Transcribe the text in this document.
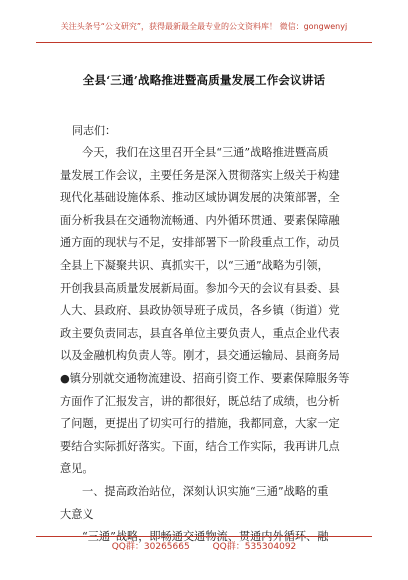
关注头条号“公文研究”，获得最新最全最专业的公文资料库！ 微信：gongwenyj
全县‘三通’战略推进暨高质量发展工作会议讲话
同志们：
今天，我们在这里召开全县“三通”战略推进暨高质
量发展工作会议，主要任务是深入贯彻落实上级关于构建
现代化基础设施体系、推动区域协调发展的决策部署，全
面分析我县在交通物流畅通、内外循环贯通、要素保障融
通方面的现状与不足，安排部署下一阶段重点工作，动员
全县上下凝聚共识、真抓实干，以“三通”战略为引领，
开创我县高质量发展新局面。参加今天的会议有县委、县
人大、县政府、县政协领导班子成员，各乡镇（街道）党
政主要负责同志，县直各单位主要负责人，重点企业代表
以及金融机构负责人等。刚才，县交通运输局、县商务局
●镇分别就交通物流建设、招商引资工作、要素保障服务等
方面作了汇报发言，讲的都很好，既总结了成绩，也分析
了问题，更提出了切实可行的措施，我都同意，大家一定
要结合实际抓好落实。下面，结合工作实际，我再讲几点
意见。
一、提高政治站位，深刻认识实施“三通”战略的重
大意义
“三通”战略，即畅通交通物流、贯通内外循环、融
QQ群：30265665	QQ群：535304092
